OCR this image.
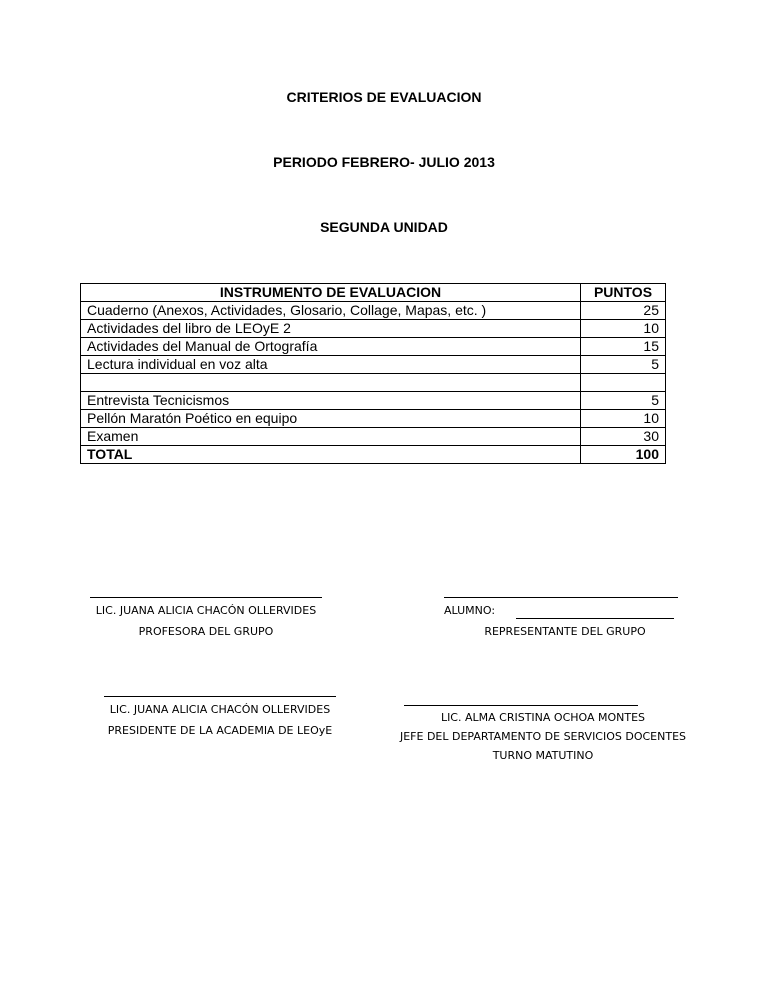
CRITERIOS DE EVALUACION
PERIODO FEBRERO- JULIO 2013
SEGUNDA UNIDAD
INSTRUMENTO DE EVALUACION	PUNTOS
Cuaderno (Anexos, Actividades, Glosario, Collage, Mapas, etc. )	25
Actividades del libro de LEOyE 2	10
Actividades del Manual de Ortografía	15
Lectura individual en voz alta	5

Entrevista Tecnicismos	5
Pellón Maratón Poético en equipo	10
Examen	30
TOTAL	100
LIC. JUANA ALICIA CHACÓN OLLERVIDES
PROFESORA DEL GRUPO
ALUMNO:
REPRESENTANTE DEL GRUPO
LIC. JUANA ALICIA CHACÓN OLLERVIDES
PRESIDENTE DE LA ACADEMIA DE LEOyE
LIC. ALMA CRISTINA OCHOA MONTES
JEFE DEL DEPARTAMENTO DE SERVICIOS DOCENTES
TURNO MATUTINO
